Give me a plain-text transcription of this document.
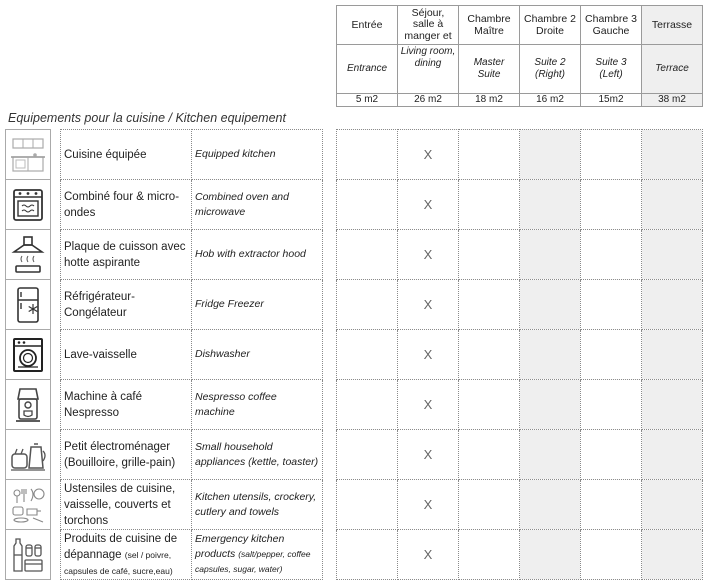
Entrée	Séjour, salle à manger et	Chambre Maître	Chambre 2 Droite	Chambre 3 Gauche	Terrasse
Entrance	Living room, dining	Master Suite	Suite 2 (Right)	Suite 3 (Left)	Terrace
5 m2	26 m2	18 m2	16 m2	15m2	38 m2
Equipements pour la cuisine / Kitchen equipement
		Cuisine équipée	Equipped kitchen			X				

		Combiné four & micro-ondes	Combined oven and microwave			X				

		Plaque de cuisson avec hotte aspirante	Hob with extractor hood			X				

		Réfrigérateur-Congélateur	Fridge Freezer			X				

		Lave-vaisselle	Dishwasher			X				

		Machine à café Nespresso	Nespresso coffee machine			X				

		Petit électroménager (Bouilloire, grille-pain)	Small household appliances (kettle, toaster)			X				

		Ustensiles de cuisine, vaisselle, couverts et torchons	Kitchen utensils, crockery, cutlery and towels			X				

		Produits de cuisine de dépannage (sel / poivre, capsules de café, sucre,eau)	Emergency kitchen products (salt/pepper, coffee capsules, sugar, water)			X				
